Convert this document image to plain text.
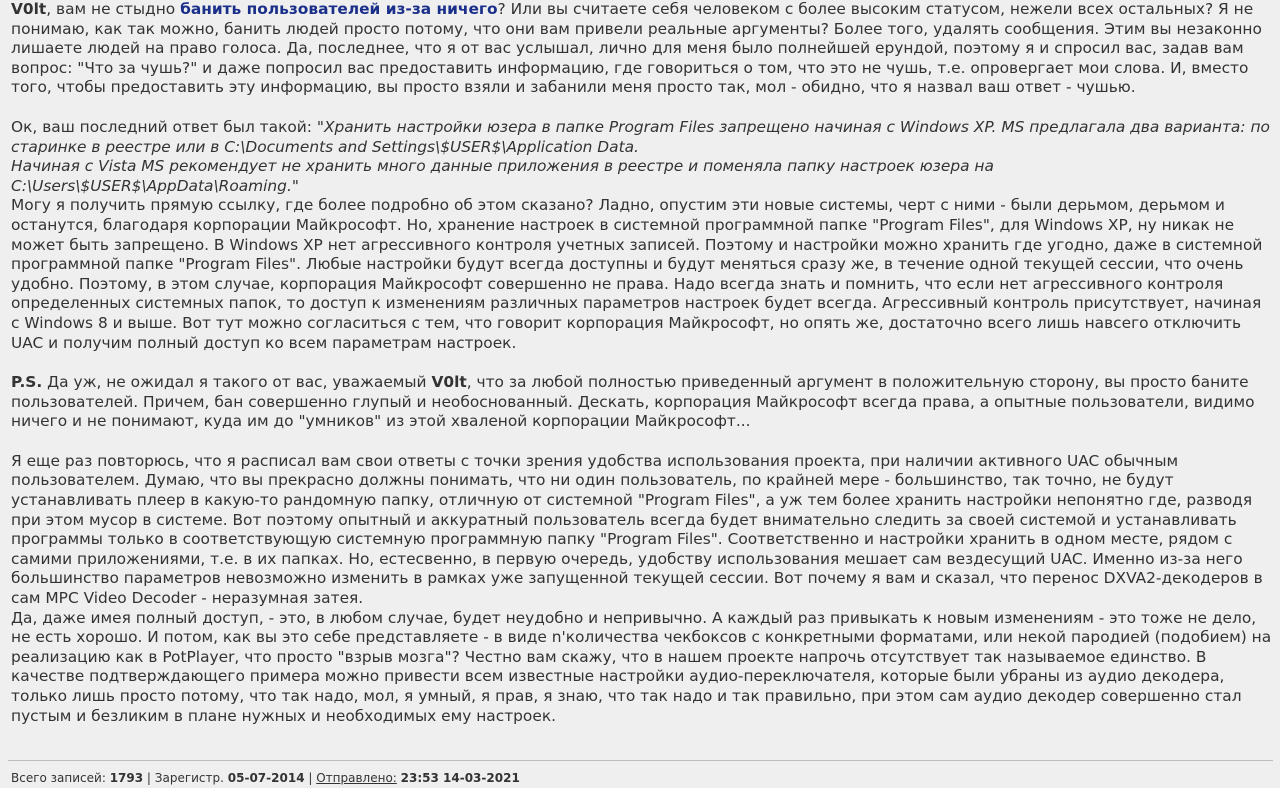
V0lt, вам не стыдно банить пользователей из-за ничего? Или вы считаете себя человеком с более высоким статусом, нежели всех остальных? Я не понимаю, как так можно, банить людей просто потому, что они вам привели реальные аргументы? Более того, удалять сообщения. Этим вы незаконно лишаете людей на право голоса. Да, последнее, что я от вас услышал, лично для меня было полнейшей ерундой, поэтому я и спросил вас, задав вам вопрос: "Что за чушь?" и даже попросил вас предоставить информацию, где говориться о том, что это не чушь, т.е. опровергает мои слова. И, вместо того, чтобы предоставить эту информацию, вы просто взяли и забанили меня просто так, мол - обидно, что я назвал ваш ответ - чушью.

Ок, ваш последний ответ был такой: "Хранить настройки юзера в папке Program Files запрещено начиная с Windows XP. MS предлагала два варианта: по старинке в реестре или в C:\Documents and Settings\$USER$\Application Data.
Начиная с Vista MS рекомендует не хранить много данные приложения в реестре и поменяла папку настроек юзера на C:\Users\$USER$\AppData\Roaming."
Могу я получить прямую ссылку, где более подробно об этом сказано? Ладно, опустим эти новые системы, черт с ними - были дерьмом, дерьмом и останутся, благодаря корпорации Майкрософт. Но, хранение настроек в системной программной папке "Program Files", для Windows XP, ну никак не может быть запрещено. В Windows XP нет агрессивного контроля учетных записей. Поэтому и настройки можно хранить где угодно, даже в системной программной папке "Program Files". Любые настройки будут всегда доступны и будут меняться сразу же, в течение одной текущей сессии, что очень удобно. Поэтому, в этом случае, корпорация Майкрософт совершенно не права. Надо всегда знать и помнить, что если нет агрессивного контроля определенных системных папок, то доступ к изменениям различных параметров настроек будет всегда. Агрессивный контроль присутствует, начиная с Windows 8 и выше. Вот тут можно согласиться с тем, что говорит корпорация Майкрософт, но опять же, достаточно всего лишь навсего отключить UAC и получим полный доступ ко всем параметрам настроек.

P.S. Да уж, не ожидал я такого от вас, уважаемый V0lt, что за любой полностью приведенный аргумент в положительную сторону, вы просто баните пользователей. Причем, бан совершенно глупый и необоснованный. Дескать, корпорация Майкрософт всегда права, а опытные пользователи, видимо ничего и не понимают, куда им до "умников" из этой хваленой корпорации Майкрософт...

Я еще раз повторюсь, что я расписал вам свои ответы с точки зрения удобства использования проекта, при наличии активного UAC обычным пользователем. Думаю, что вы прекрасно должны понимать, что ни один пользователь, по крайней мере - большинство, так точно, не будут устанавливать плеер в какую-то рандомную папку, отличную от системной "Program Files", а уж тем более хранить настройки непонятно где, разводя при этом мусор в системе. Вот поэтому опытный и аккуратный пользователь всегда будет внимательно следить за своей системой и устанавливать программы только в соответствующую системную программную папку "Program Files". Соответственно и настройки хранить в одном месте, рядом с самими приложениями, т.е. в их папках. Но, естесвенно, в первую очередь, удобству использования мешает сам вездесущий UAC. Именно из-за него большинство параметров невозможно изменить в рамках уже запущенной текущей сессии. Вот почему я вам и сказал, что перенос DXVA2-декодеров в сам MPC Video Decoder - неразумная затея.

Да, даже имея полный доступ, - это, в любом случае, будет неудобно и непривычно. А каждый раз привыкать к новым изменениям - это тоже не дело, не есть хорошо. И потом, как вы это себе представляете - в виде n'количества чекбоксов с конкретными форматами, или некой пародией (подобием) на реализацию как в PotPlayer, что просто "взрыв мозга"? Честно вам скажу, что в нашем проекте напрочь отсутствует так называемое единство. В качестве подтверждающего примера можно привести всем известные настройки аудио-переключателя, которые были убраны из аудио декодера, только лишь просто потому, что так надо, мол, я умный, я прав, я знаю, что так надо и так правильно, при этом сам аудио декодер совершенно стал пустым и безликим в плане нужных и необходимых ему настроек.

Всего записей: 1793 | Зарегистр. 05-07-2014 | Отправлено: 23:53 14-03-2021
